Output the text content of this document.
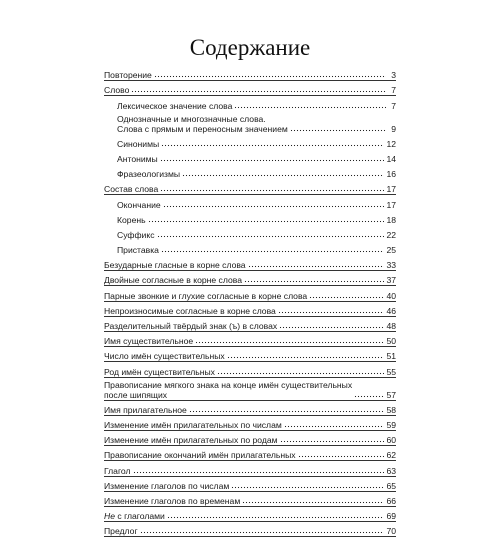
Содержание
Повторение	3
Слово	7
Лексическое значение слова	7
Однозначные и многозначные слова.
Слова с прямым и переносным значением	9
Синонимы	12
Антонимы	14
Фразеологизмы	16
Состав слова	17
Окончание	17
Корень	18
Суффикс	22
Приставка	25
Безударные гласные в корне слова	33
Двойные согласные в корне слова	37
Парные звонкие и глухие согласные в корне слова	40
Непроизносимые согласные в корне слова	46
Разделительный твёрдый знак (ъ) в словах	48
Имя существительное	50
Число имён существительных	51
Род имён существительных	55
Правописание мягкого знака на конце имён существительных
после шипящих	57
Имя прилагательное	58
Изменение имён прилагательных по числам	59
Изменение имён прилагательных по родам	60
Правописание окончаний имён прилагательных	62
Глагол	63
Изменение глаголов по числам	65
Изменение глаголов по временам	66
Не с глаголами	69
Предлог	70
